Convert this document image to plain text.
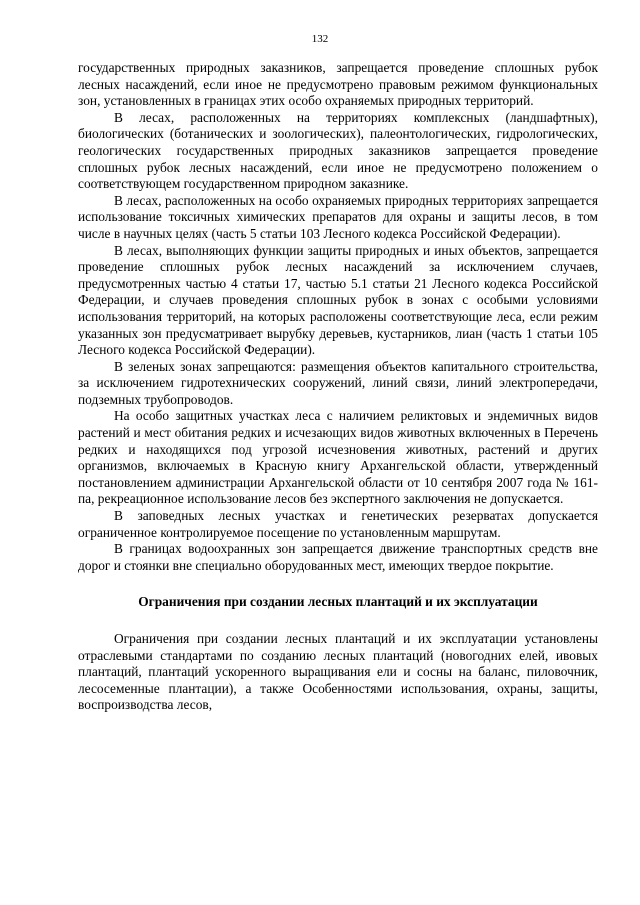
132

государственных природных заказников, запрещается проведение сплошных рубок лесных насаждений, если иное не предусмотрено правовым режимом функциональных зон, установленных в границах этих особо охраняемых природных территорий.

В лесах, расположенных на территориях комплексных (ландшафтных), биологических (ботанических и зоологических), палеонтологических, гидрологических, геологических государственных природных заказников запрещается проведение сплошных рубок лесных насаждений, если иное не предусмотрено положением о соответствующем государственном природном заказнике.

В лесах, расположенных на особо охраняемых природных территориях запрещается использование токсичных химических препаратов для охраны и защиты лесов, в том числе в научных целях (часть 5 статьи 103 Лесного кодекса Российской Федерации).

В лесах, выполняющих функции защиты природных и иных объектов, запрещается проведение сплошных рубок лесных насаждений за исключением случаев, предусмотренных частью 4 статьи 17, частью 5.1 статьи 21 Лесного кодекса Российской Федерации, и случаев проведения сплошных рубок в зонах с особыми условиями использования территорий, на которых расположены соответствующие леса, если режим указанных зон предусматривает вырубку деревьев, кустарников, лиан (часть 1 статьи 105 Лесного кодекса Российской Федерации).

В зеленых зонах запрещаются: размещения объектов капитального строительства, за исключением гидротехнических сооружений, линий связи, линий электропередачи, подземных трубопроводов.

На особо защитных участках леса с наличием реликтовых и эндемичных видов растений и мест обитания редких и исчезающих видов животных включенных в Перечень редких и находящихся под угрозой исчезновения животных, растений и других организмов, включаемых в Красную книгу Архангельской области, утвержденный постановлением администрации Архангельской области от 10 сентября 2007 года № 161-па, рекреационное использование лесов без экспертного заключения не допускается.

В заповедных лесных участках и генетических резерватах допускается ограниченное контролируемое посещение по установленным маршрутам.

В границах водоохранных зон запрещается движение транспортных средств вне дорог и стоянки вне специально оборудованных мест, имеющих твердое покрытие.

Ограничения при создании лесных плантаций и их эксплуатации

Ограничения при создании лесных плантаций и их эксплуатации установлены отраслевыми стандартами по созданию лесных плантаций (новогодних елей, ивовых плантаций, плантаций ускоренного выращивания ели и сосны на баланс, пиловочник, лесосеменные плантации), а также Особенностями использования, охраны, защиты, воспроизводства лесов,
